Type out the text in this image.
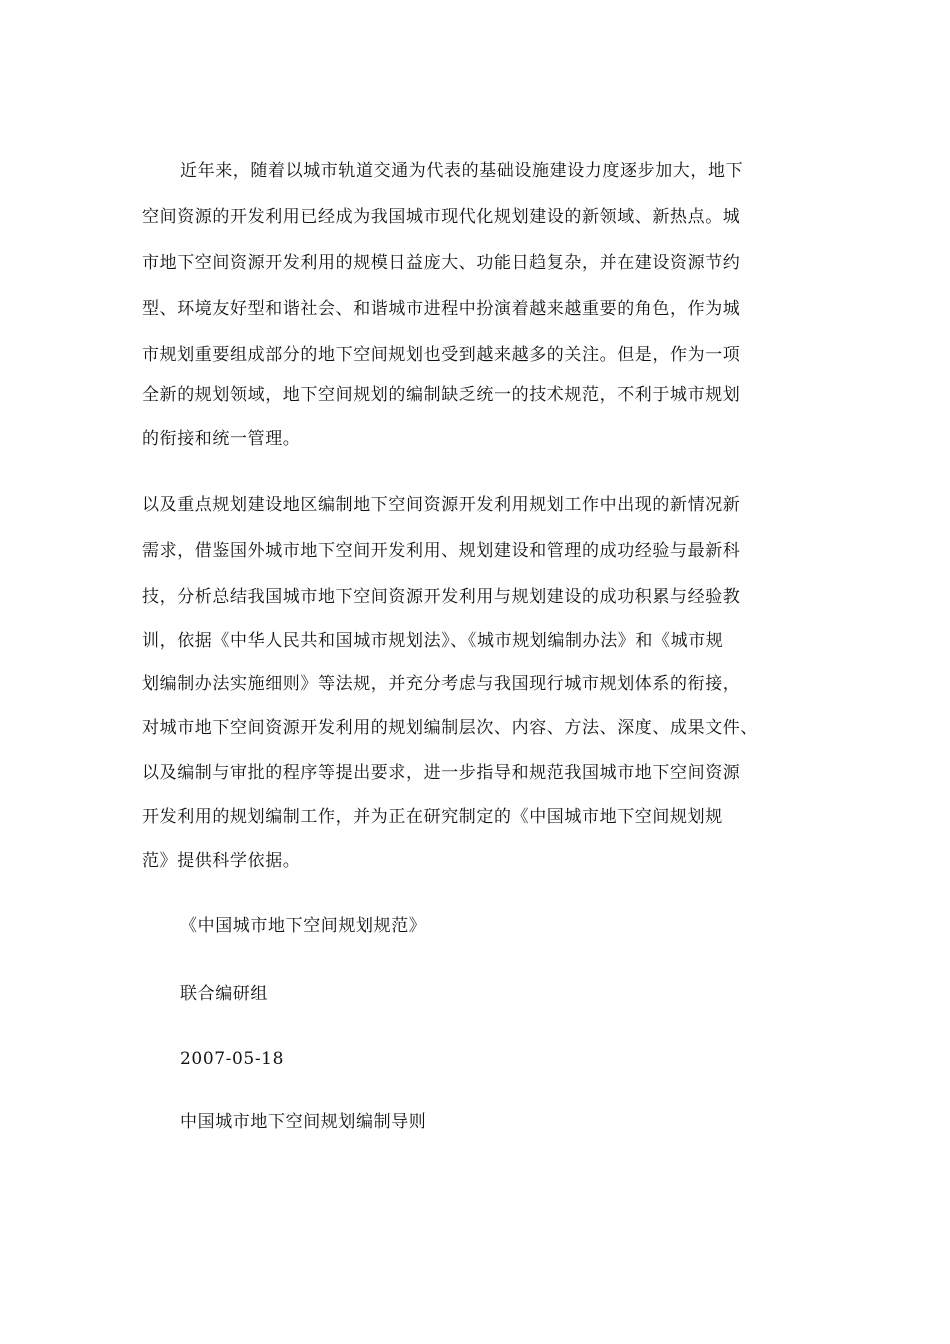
近年来，随着以城市轨道交通为代表的基础设施建设力度逐步加大，地下
空间资源的开发利用已经成为我国城市现代化规划建设的新领域、新热点。城
市地下空间资源开发利用的规模日益庞大、功能日趋复杂，并在建设资源节约
型、环境友好型和谐社会、和谐城市进程中扮演着越来越重要的角色，作为城
市规划重要组成部分的地下空间规划也受到越来越多的关注。但是，作为一项
全新的规划领域，地下空间规划的编制缺乏统一的技术规范，不利于城市规划
的衔接和统一管理。
以及重点规划建设地区编制地下空间资源开发利用规划工作中出现的新情况新
需求，借鉴国外城市地下空间开发利用、规划建设和管理的成功经验与最新科
技，分析总结我国城市地下空间资源开发利用与规划建设的成功积累与经验教
训，依据《中华人民共和国城市规划法》、《城市规划编制办法》和《城市规
划编制办法实施细则》等法规，并充分考虑与我国现行城市规划体系的衔接，
对城市地下空间资源开发利用的规划编制层次、内容、方法、深度、成果文件、
以及编制与审批的程序等提出要求，进一步指导和规范我国城市地下空间资源
开发利用的规划编制工作，并为正在研究制定的《中国城市地下空间规划规
范》提供科学依据。
《中国城市地下空间规划规范》
联合编研组
2007-05-18
中国城市地下空间规划编制导则
